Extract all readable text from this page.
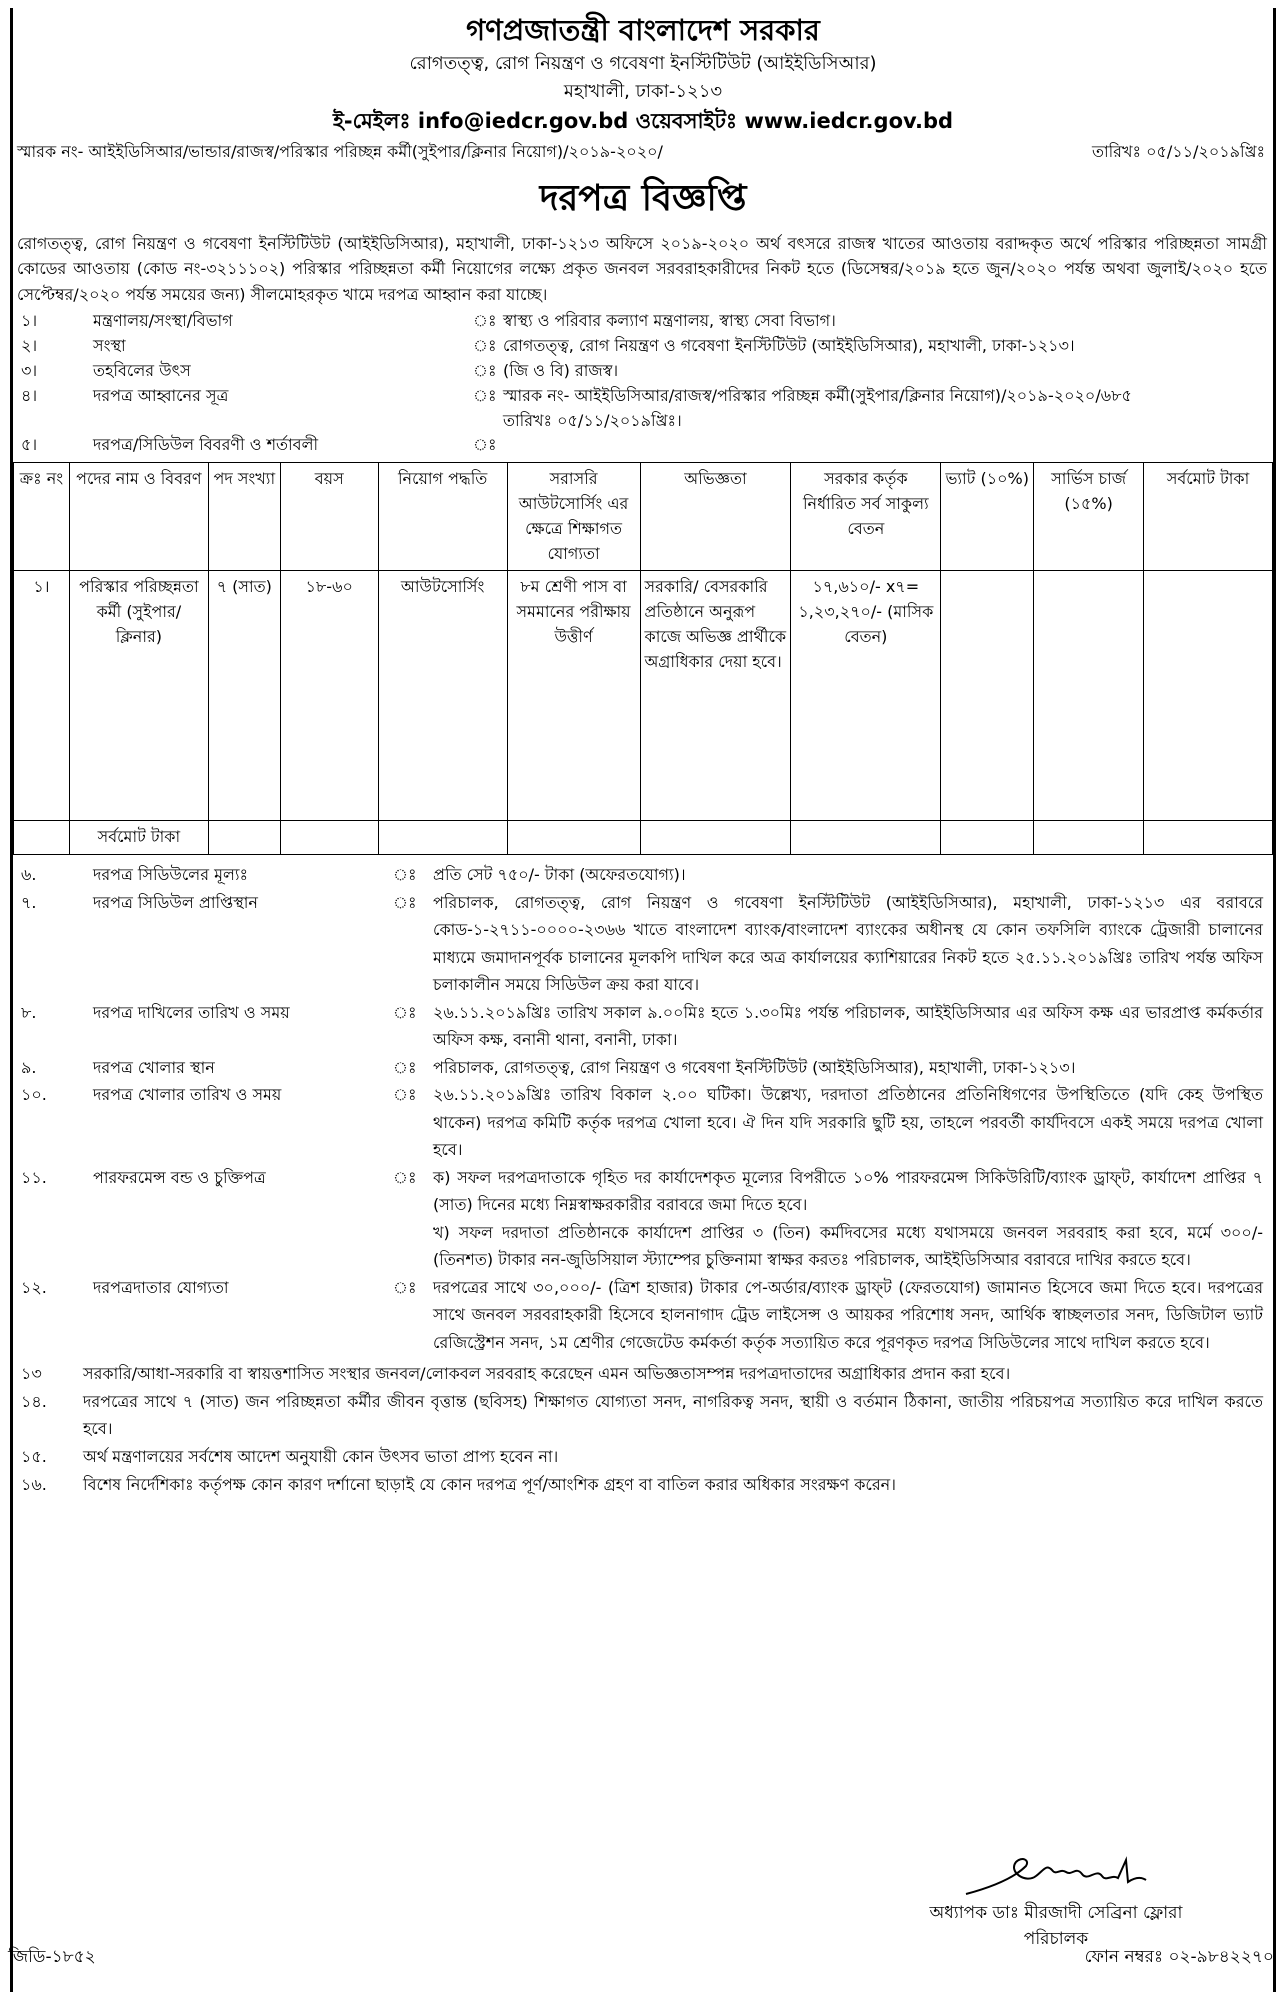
গণপ্রজাতন্ত্রী বাংলাদেশ সরকার
রোগতত্ত্ব, রোগ নিয়ন্ত্রণ ও গবেষণা ইনস্টিটিউট (আইইডিসিআর)
মহাখালী, ঢাকা-১২১৩
ই-মেইলঃ info@iedcr.gov.bd ওয়েবসাইটঃ www.iedcr.gov.bd
স্মারক নং- আইইডিসিআর/ভান্ডার/রাজস্ব/পরিস্কার পরিচ্ছন্ন কর্মী(সুইপার/ক্লিনার নিয়োগ)/২০১৯-২০২০/	তারিখঃ ০৫/১১/২০১৯খ্রিঃ
দরপত্র বিজ্ঞপ্তি
রোগতত্ত্ব, রোগ নিয়ন্ত্রণ ও গবেষণা ইনস্টিটিউট (আইইডিসিআর), মহাখালী, ঢাকা-১২১৩ অফিসে ২০১৯-২০২০ অর্থ বৎসরে রাজস্ব খাতের আওতায় বরাদ্দকৃত অর্থে পরিস্কার পরিচ্ছন্নতা সামগ্রী কোডের আওতায় (কোড নং-৩২১১১০২) পরিস্কার পরিচ্ছন্নতা কর্মী নিয়োগের লক্ষ্যে প্রকৃত জনবল সরবরাহকারীদের নিকট হতে (ডিসেম্বর/২০১৯ হতে জুন/২০২০ পর্যন্ত অথবা জুলাই/২০২০ হতে সেপ্টেম্বর/২০২০ পর্যন্ত সময়ের জন্য) সীলমোহরকৃত খামে দরপত্র আহ্বান করা যাচ্ছে।
১।	মন্ত্রণালয়/সংস্থা/বিভাগ	ঃ স্বাস্থ্য ও পরিবার কল্যাণ মন্ত্রণালয়, স্বাস্থ্য সেবা বিভাগ।
২।	সংস্থা	ঃ রোগতত্ত্ব, রোগ নিয়ন্ত্রণ ও গবেষণা ইনস্টিটিউট (আইইডিসিআর), মহাখালী, ঢাকা-১২১৩।
৩।	তহবিলের উৎস	ঃ (জি ও বি) রাজস্ব।
৪।	দরপত্র আহ্বানের সূত্র	ঃ স্মারক নং- আইইডিসিআর/রাজস্ব/পরিস্কার পরিচ্ছন্ন কর্মী(সুইপার/ক্লিনার নিয়োগ)/২০১৯-২০২০/৬৮৫
তারিখঃ ০৫/১১/২০১৯খ্রিঃ।
৫।	দরপত্র/সিডিউল বিবরণী ও শর্তাবলী	ঃ
ক্রঃ নং	পদের নাম ও বিবরণ	পদ সংখ্যা	বয়স	নিয়োগ পদ্ধতি	সরাসরি আউটসোর্সিং এর ক্ষেত্রে শিক্ষাগত যোগ্যতা	অভিজ্ঞতা	সরকার কর্তৃক নির্ধারিত সর্ব সাকুল্য বেতন	ভ্যাট (১০%)	সার্ভিস চার্জ (১৫%)	সর্বমোট টাকা
১।	পরিস্কার পরিচ্ছন্নতা কর্মী (সুইপার/ক্লিনার)	৭ (সাত)	১৮-৬০	আউটসোর্সিং	৮ম শ্রেণী পাস বা সমমানের পরীক্ষায় উত্তীর্ণ	সরকারি/ বেসরকারি প্রতিষ্ঠানে অনুরূপ কাজে অভিজ্ঞ প্রার্থীকে অগ্রাধিকার দেয়া হবে।	১৭,৬১০/- x৭= ১,২৩,২৭০/- (মাসিক বেতন)			
	সর্বমোট টাকা									
৬.	দরপত্র সিডিউলের মূল্যঃ	ঃ	প্রতি সেট ৭৫০/- টাকা (অফেরতযোগ্য)।

৭.	দরপত্র সিডিউল প্রাপ্তিস্থান	ঃ	পরিচালক, রোগতত্ত্ব, রোগ নিয়ন্ত্রণ ও গবেষণা ইনস্টিটিউট (আইইডিসিআর), মহাখালী, ঢাকা-১২১৩ এর বরাবরে কোড-১-২৭১১-০০০০-২৩৬৬ খাতে বাংলাদেশ ব্যাংক/বাংলাদেশ ব্যাংকের অধীনস্থ যে কোন তফসিলি ব্যাংকে ট্রেজারী চালানের মাধ্যমে জমাদানপূর্বক চালানের মূলকপি দাখিল করে অত্র কার্যালয়ের ক্যাশিয়ারের নিকট হতে ২৫.১১.২০১৯খ্রিঃ তারিখ পর্যন্ত অফিস চলাকালীন সময়ে সিডিউল ক্রয় করা যাবে।

৮.	দরপত্র দাখিলের তারিখ ও সময়	ঃ	২৬.১১.২০১৯খ্রিঃ তারিখ সকাল ৯.০০মিঃ হতে ১.৩০মিঃ পর্যন্ত পরিচালক, আইইডিসিআর এর অফিস কক্ষ এর ভারপ্রাপ্ত কর্মকর্তার অফিস কক্ষ, বনানী থানা, বনানী, ঢাকা।

৯.	দরপত্র খোলার স্থান	ঃ	পরিচালক, রোগতত্ত্ব, রোগ নিয়ন্ত্রণ ও গবেষণা ইনস্টিটিউট (আইইডিসিআর), মহাখালী, ঢাকা-১২১৩।

১০.	দরপত্র খোলার তারিখ ও সময়	ঃ	২৬.১১.২০১৯খ্রিঃ তারিখ বিকাল ২.০০ ঘটিকা। উল্লেখ্য, দরদাতা প্রতিষ্ঠানের প্রতিনিধিগণের উপস্থিতিতে (যদি কেহ উপস্থিত থাকেন) দরপত্র কমিটি কর্তৃক দরপত্র খোলা হবে। ঐ দিন যদি সরকারি ছুটি হয়, তাহলে পরবর্তী কার্যদিবসে একই সময়ে দরপত্র খোলা হবে।

১১.	পারফরমেন্স বন্ড ও চুক্তিপত্র	ঃ	ক) সফল দরপত্রদাতাকে গৃহিত দর কার্যাদেশকৃত মূল্যের বিপরীতে ১০% পারফরমেন্স সিকিউরিটি/ব্যাংক ড্রাফ্‌ট, কার্যাদেশ প্রাপ্তির ৭ (সাত) দিনের মধ্যে নিম্নস্বাক্ষরকারীর বরাবরে জমা দিতে হবে।

খ) সফল দরদাতা প্রতিষ্ঠানকে কার্যাদেশ প্রাপ্তির ৩ (তিন) কর্মদিবসের মধ্যে যথাসময়ে জনবল সরবরাহ করা হবে, মর্মে ৩০০/- (তিনশত) টাকার নন-জুডিসিয়াল স্ট্যাম্পের চুক্তিনামা স্বাক্ষর করতঃ পরিচালক, আইইডিসিআর বরাবরে দাখির করতে হবে।

১২.	দরপত্রদাতার যোগ্যতা	ঃ	দরপত্রের সাথে ৩০,০০০/- (ত্রিশ হাজার) টাকার পে-অর্ডার/ব্যাংক ড্রাফ্‌ট (ফেরতযোগ) জামানত হিসেবে জমা দিতে হবে। দরপত্রের সাথে জনবল সরবরাহকারী হিসেবে হালনাগাদ ট্রেড লাইসেন্স ও আয়কর পরিশোধ সনদ, আর্থিক স্বাচ্ছলতার সনদ, ডিজিটাল ভ্যাট রেজিস্ট্রেশন সনদ, ১ম শ্রেণীর গেজেটেড কর্মকর্তা কর্তৃক সত্যায়িত করে পূরণকৃত দরপত্র সিডিউলের সাথে দাখিল করতে হবে।

১৩	সরকারি/আধা-সরকারি বা স্বায়ত্তশাসিত সংস্থার জনবল/লোকবল সরবরাহ করেছেন এমন অভিজ্ঞতাসম্পন্ন দরপত্রদাতাদের অগ্রাধিকার প্রদান করা হবে।
১৪.	দরপত্রের সাথে ৭ (সাত) জন পরিচ্ছন্নতা কর্মীর জীবন বৃত্তান্ত (ছবিসহ) শিক্ষাগত যোগ্যতা সনদ, নাগরিকত্ব সনদ, স্থায়ী ও বর্তমান ঠিকানা, জাতীয় পরিচয়পত্র সত্যায়িত করে দাখিল করতে হবে।
১৫.	অর্থ মন্ত্রণালয়ের সর্বশেষ আদেশ অনুযায়ী কোন উৎসব ভাতা প্রাপ্য হবেন না।
১৬.	বিশেষ নির্দেশিকাঃ কর্তৃপক্ষ কোন কারণ দর্শানো ছাড়াই যে কোন দরপত্র পূর্ণ/আংশিক গ্রহণ বা বাতিল করার অধিকার সংরক্ষণ করেন।
অধ্যাপক ডাঃ মীরজাদী সেব্রিনা ফ্লোরা
পরিচালক
জিডি-১৮৫২	ফোন নম্বরঃ ০২-৯৮৪২২৭০
